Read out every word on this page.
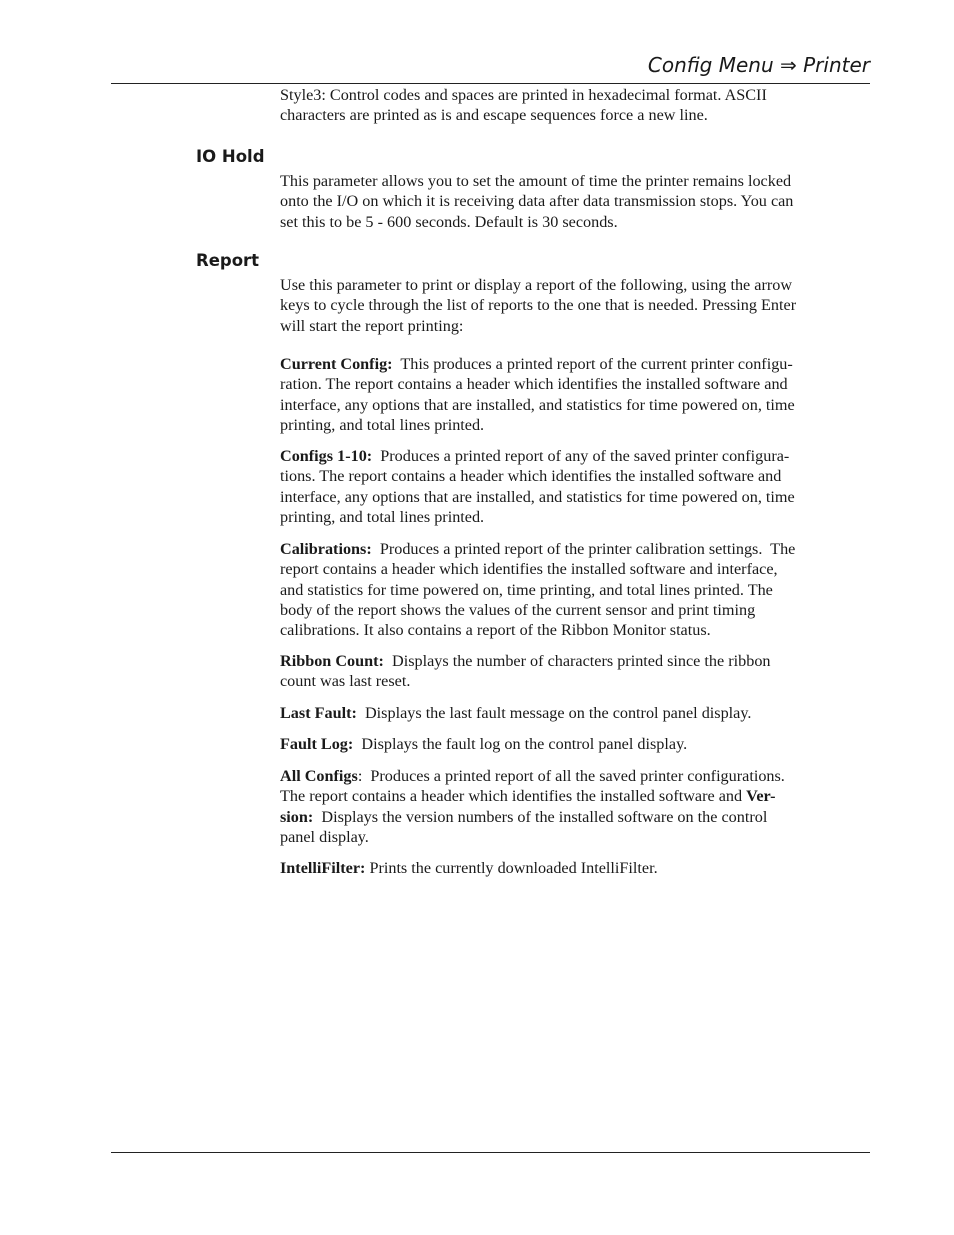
Config Menu ⇒ Printer

Style3: Control codes and spaces are printed in hexadecimal format. ASCII
characters are printed as is and escape sequences force a new line.

IO Hold

This parameter allows you to set the amount of time the printer remains locked
onto the I/O on which it is receiving data after data transmission stops. You can
set this to be 5 - 600 seconds. Default is 30 seconds.

Report

Use this parameter to print or display a report of the following, using the arrow
keys to cycle through the list of reports to the one that is needed. Pressing Enter
will start the report printing:

Current Config:  This produces a printed report of the current printer configu-
ration. The report contains a header which identifies the installed software and
interface, any options that are installed, and statistics for time powered on, time
printing, and total lines printed.

Configs 1-10:  Produces a printed report of any of the saved printer configura-
tions. The report contains a header which identifies the installed software and
interface, any options that are installed, and statistics for time powered on, time
printing, and total lines printed.

Calibrations:  Produces a printed report of the printer calibration settings.  The
report contains a header which identifies the installed software and interface,
and statistics for time powered on, time printing, and total lines printed. The
body of the report shows the values of the current sensor and print timing
calibrations. It also contains a report of the Ribbon Monitor status.

Ribbon Count:  Displays the number of characters printed since the ribbon
count was last reset.

Last Fault:  Displays the last fault message on the control panel display.

Fault Log:  Displays the fault log on the control panel display.

All Configs:  Produces a printed report of all the saved printer configurations.
The report contains a header which identifies the installed software and Ver-
sion:  Displays the version numbers of the installed software on the control
panel display.

IntelliFilter: Prints the currently downloaded IntelliFilter.
